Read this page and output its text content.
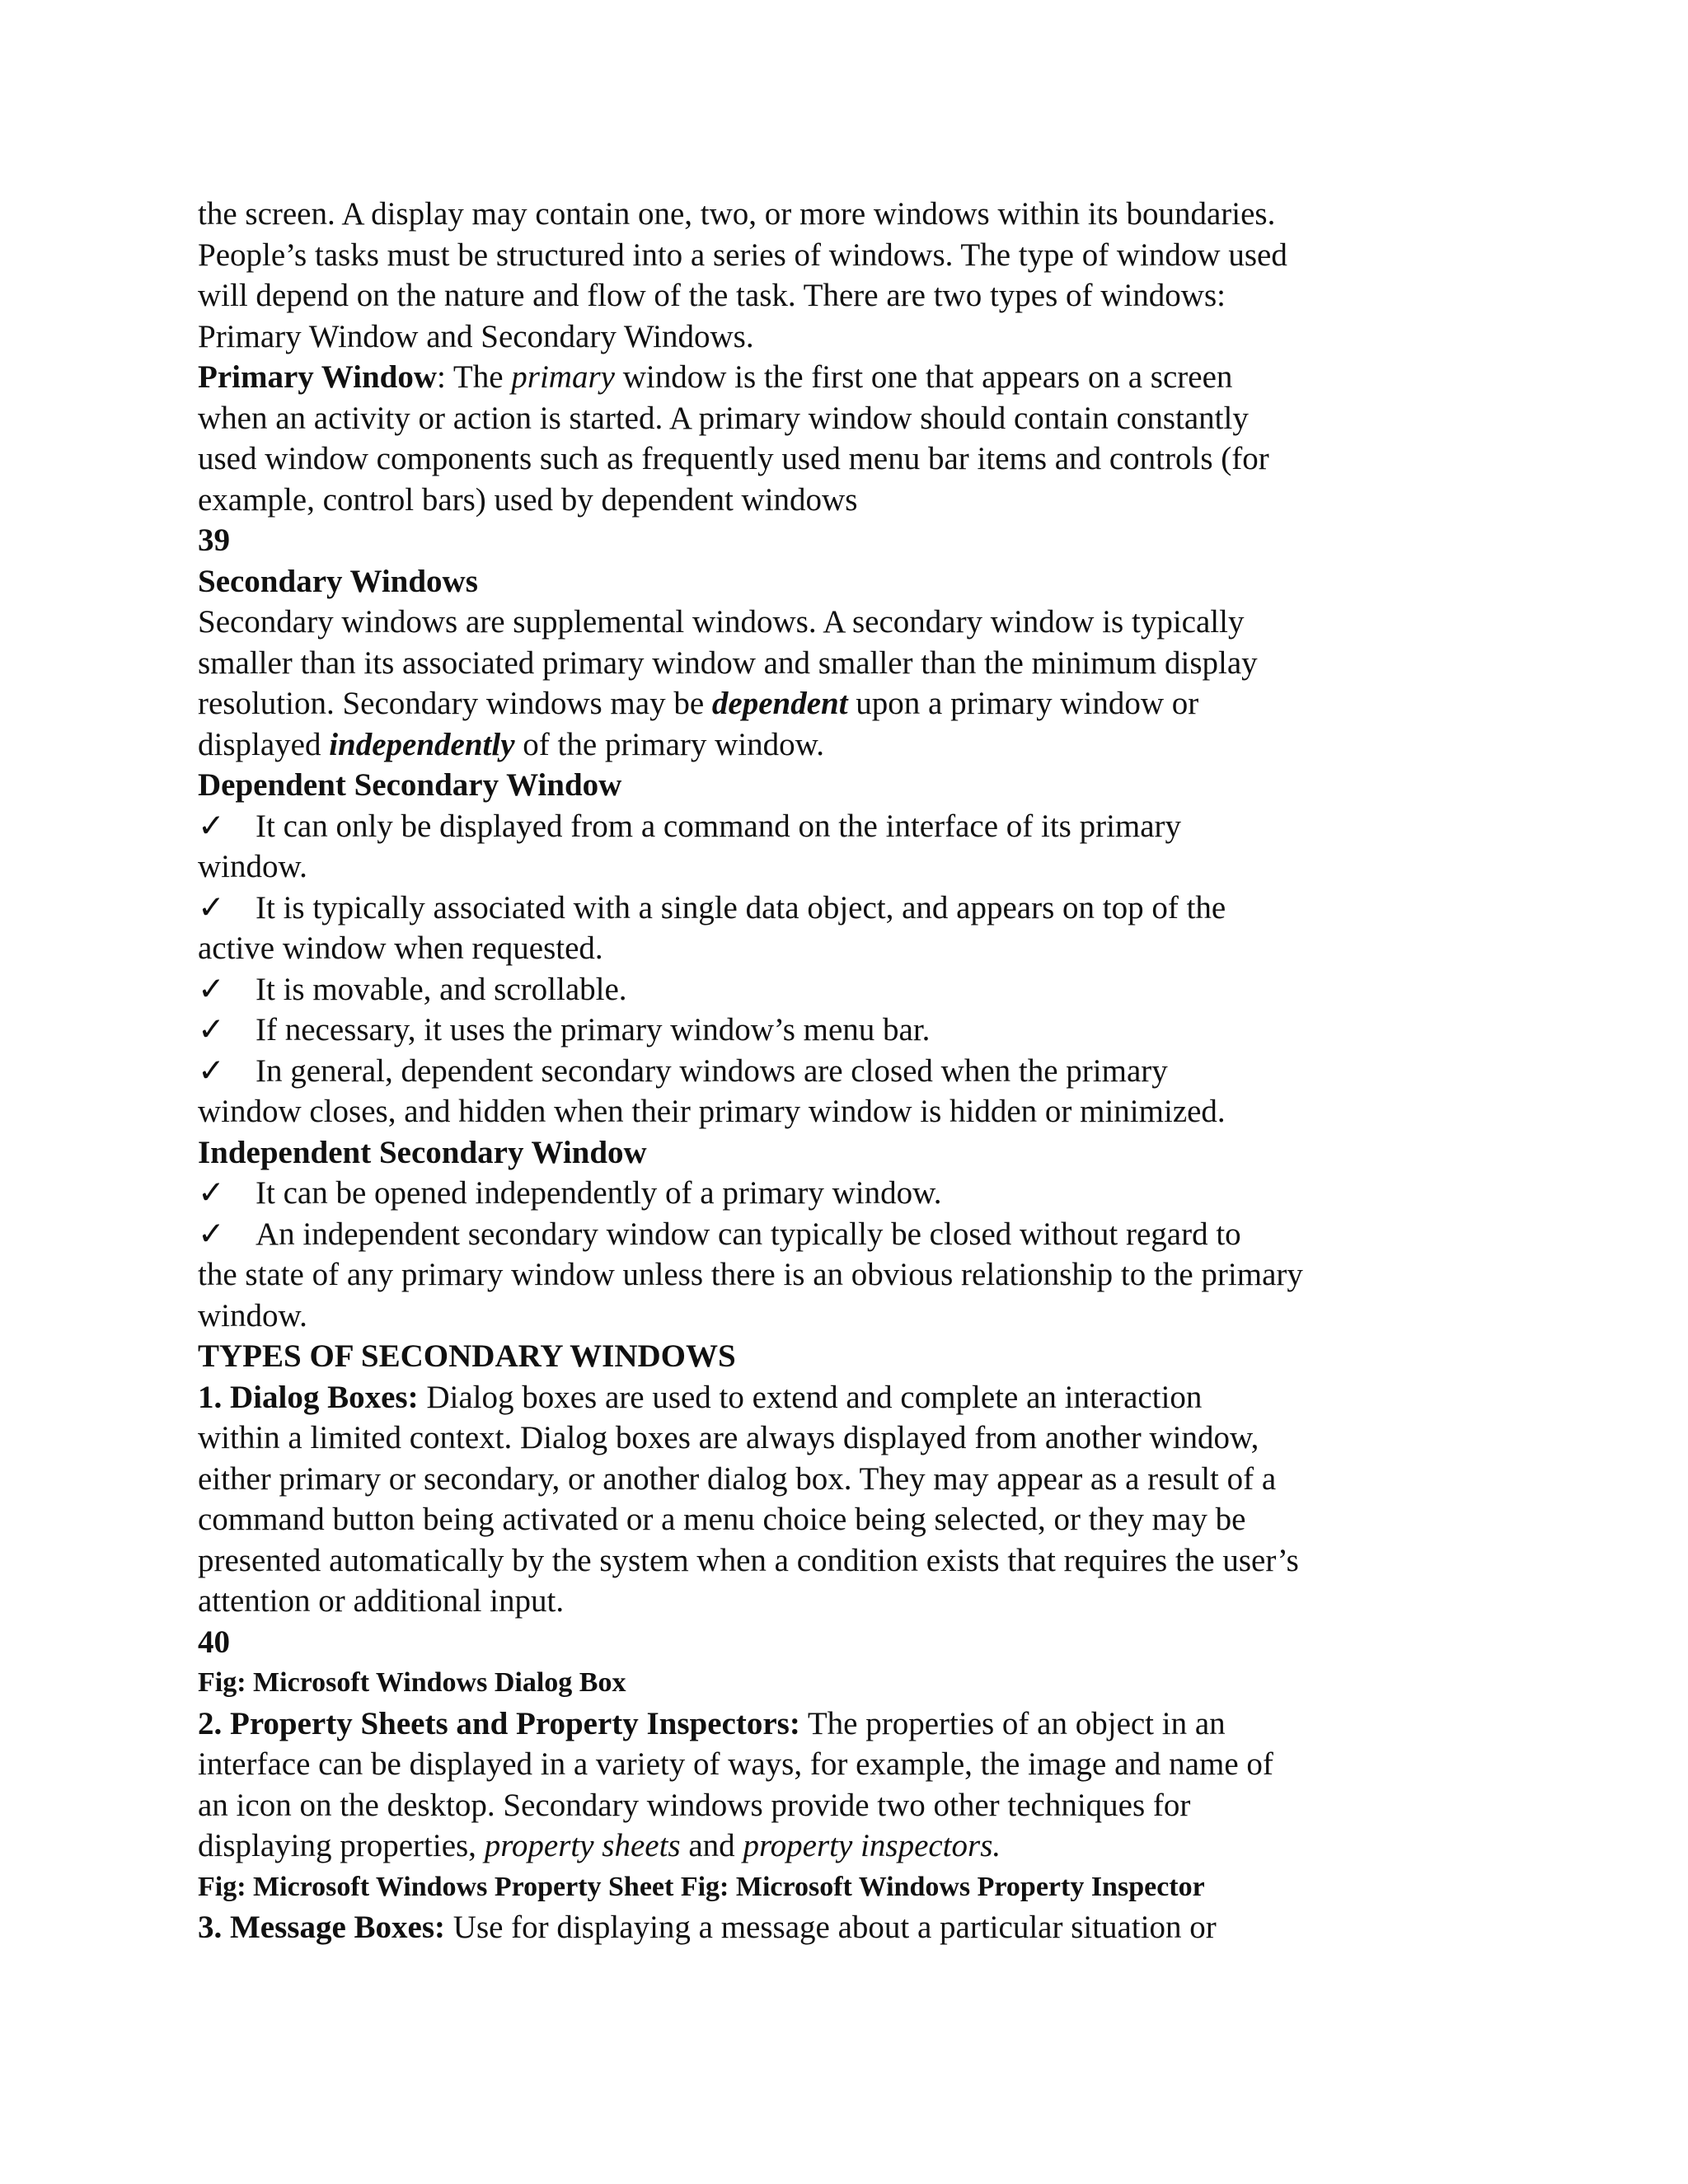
the screen. A display may contain one, two, or more windows within its boundaries.
People’s tasks must be structured into a series of windows. The type of window used
will depend on the nature and flow of the task. There are two types of windows:
Primary Window and Secondary Windows.
Primary Window: The primary window is the first one that appears on a screen
when an activity or action is started. A primary window should contain constantly
used window components such as frequently used menu bar items and controls (for
example, control bars) used by dependent windows
39
Secondary Windows
Secondary windows are supplemental windows. A secondary window is typically
smaller than its associated primary window and smaller than the minimum display
resolution. Secondary windows may be dependent upon a primary window or
displayed independently of the primary window.
Dependent Secondary Window
✓ It can only be displayed from a command on the interface of its primary
window.
✓ It is typically associated with a single data object, and appears on top of the
active window when requested.
✓ It is movable, and scrollable.
✓ If necessary, it uses the primary window’s menu bar.
✓ In general, dependent secondary windows are closed when the primary
window closes, and hidden when their primary window is hidden or minimized.
Independent Secondary Window
✓ It can be opened independently of a primary window.
✓ An independent secondary window can typically be closed without regard to
the state of any primary window unless there is an obvious relationship to the primary
window.
TYPES OF SECONDARY WINDOWS
1. Dialog Boxes: Dialog boxes are used to extend and complete an interaction
within a limited context. Dialog boxes are always displayed from another window,
either primary or secondary, or another dialog box. They may appear as a result of a
command button being activated or a menu choice being selected, or they may be
presented automatically by the system when a condition exists that requires the user’s
attention or additional input.
40
Fig: Microsoft Windows Dialog Box
2. Property Sheets and Property Inspectors: The properties of an object in an
interface can be displayed in a variety of ways, for example, the image and name of
an icon on the desktop. Secondary windows provide two other techniques for
displaying properties, property sheets and property inspectors.
Fig: Microsoft Windows Property Sheet Fig: Microsoft Windows Property Inspector
3. Message Boxes: Use for displaying a message about a particular situation or
